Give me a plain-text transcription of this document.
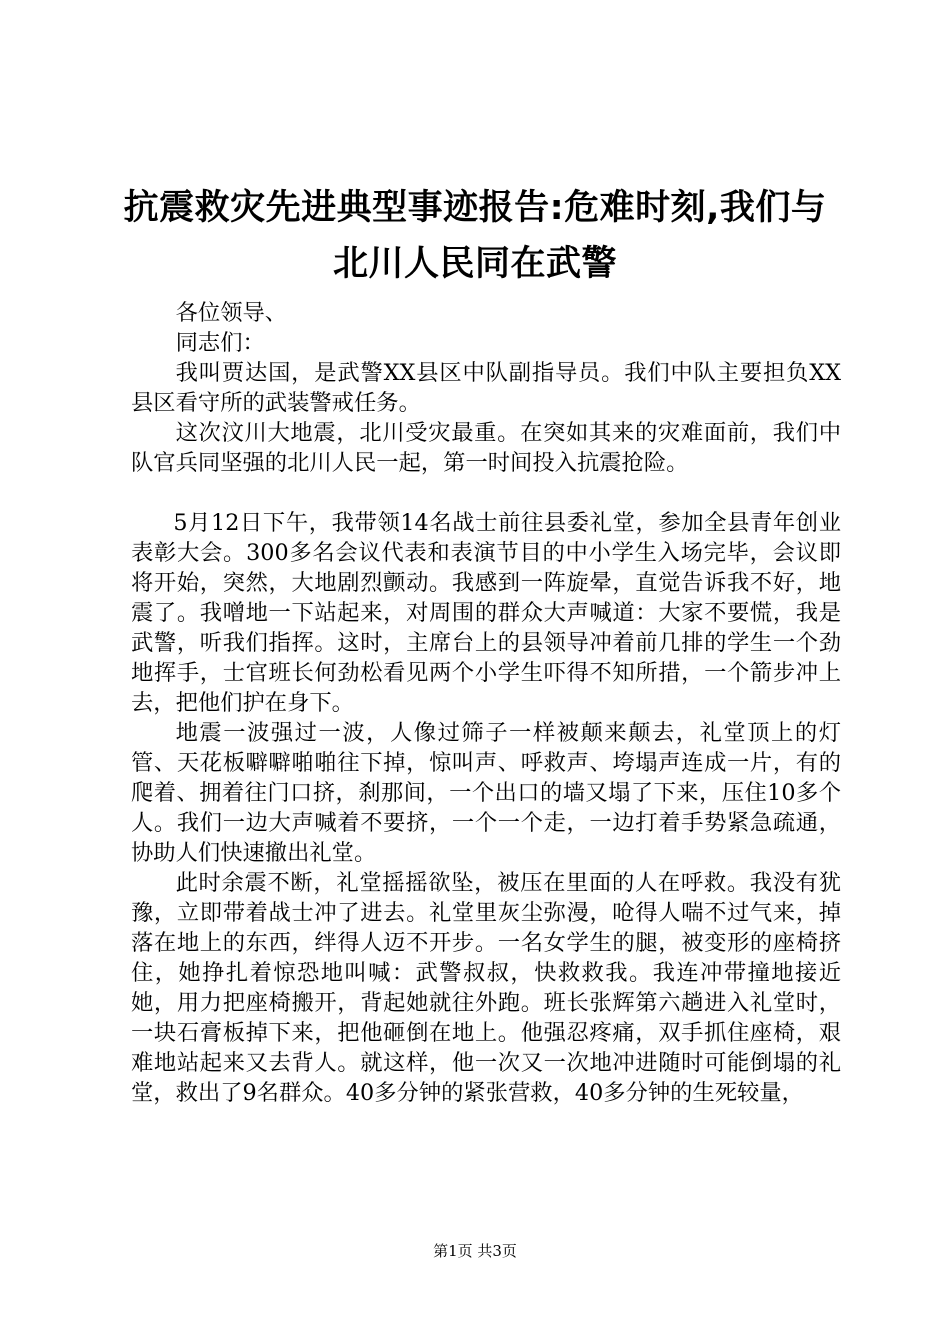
抗震救灾先进典型事迹报告:危难时刻,我们与
北川人民同在武警

各位领导、

同志们：

我叫贾达国，是武警XX县区中队副指导员。我们中队主要担负XX县区看守所的武装警戒任务。

这次汶川大地震，北川受灾最重。在突如其来的灾难面前，我们中队官兵同坚强的北川人民一起，第一时间投入抗震抢险。

5月12日下午，我带领14名战士前往县委礼堂，参加全县青年创业表彰大会。300多名会议代表和表演节目的中小学生入场完毕，会议即将开始，突然，大地剧烈颤动。我感到一阵旋晕，直觉告诉我不好，地震了。我噌地一下站起来，对周围的群众大声喊道：大家不要慌，我是武警，听我们指挥。这时，主席台上的县领导冲着前几排的学生一个劲地挥手，士官班长何劲松看见两个小学生吓得不知所措，一个箭步冲上去，把他们护在身下。

地震一波强过一波，人像过筛子一样被颠来颠去，礼堂顶上的灯管、天花板噼噼啪啪往下掉，惊叫声、呼救声、垮塌声连成一片，有的爬着、拥着往门口挤，刹那间，一个出口的墙又塌了下来，压住10多个人。我们一边大声喊着不要挤，一个一个走，一边打着手势紧急疏通，协助人们快速撤出礼堂。

此时余震不断，礼堂摇摇欲坠，被压在里面的人在呼救。我没有犹豫，立即带着战士冲了进去。礼堂里灰尘弥漫，呛得人喘不过气来，掉落在地上的东西，绊得人迈不开步。一名女学生的腿，被变形的座椅挤住，她挣扎着惊恐地叫喊：武警叔叔，快救救我。我连冲带撞地接近她，用力把座椅搬开，背起她就往外跑。班长张辉第六趟进入礼堂时，一块石膏板掉下来，把他砸倒在地上。他强忍疼痛，双手抓住座椅，艰难地站起来又去背人。就这样，他一次又一次地冲进随时可能倒塌的礼堂，救出了9名群众。40多分钟的紧张营救，40多分钟的生死较量，

第1页 共3页
